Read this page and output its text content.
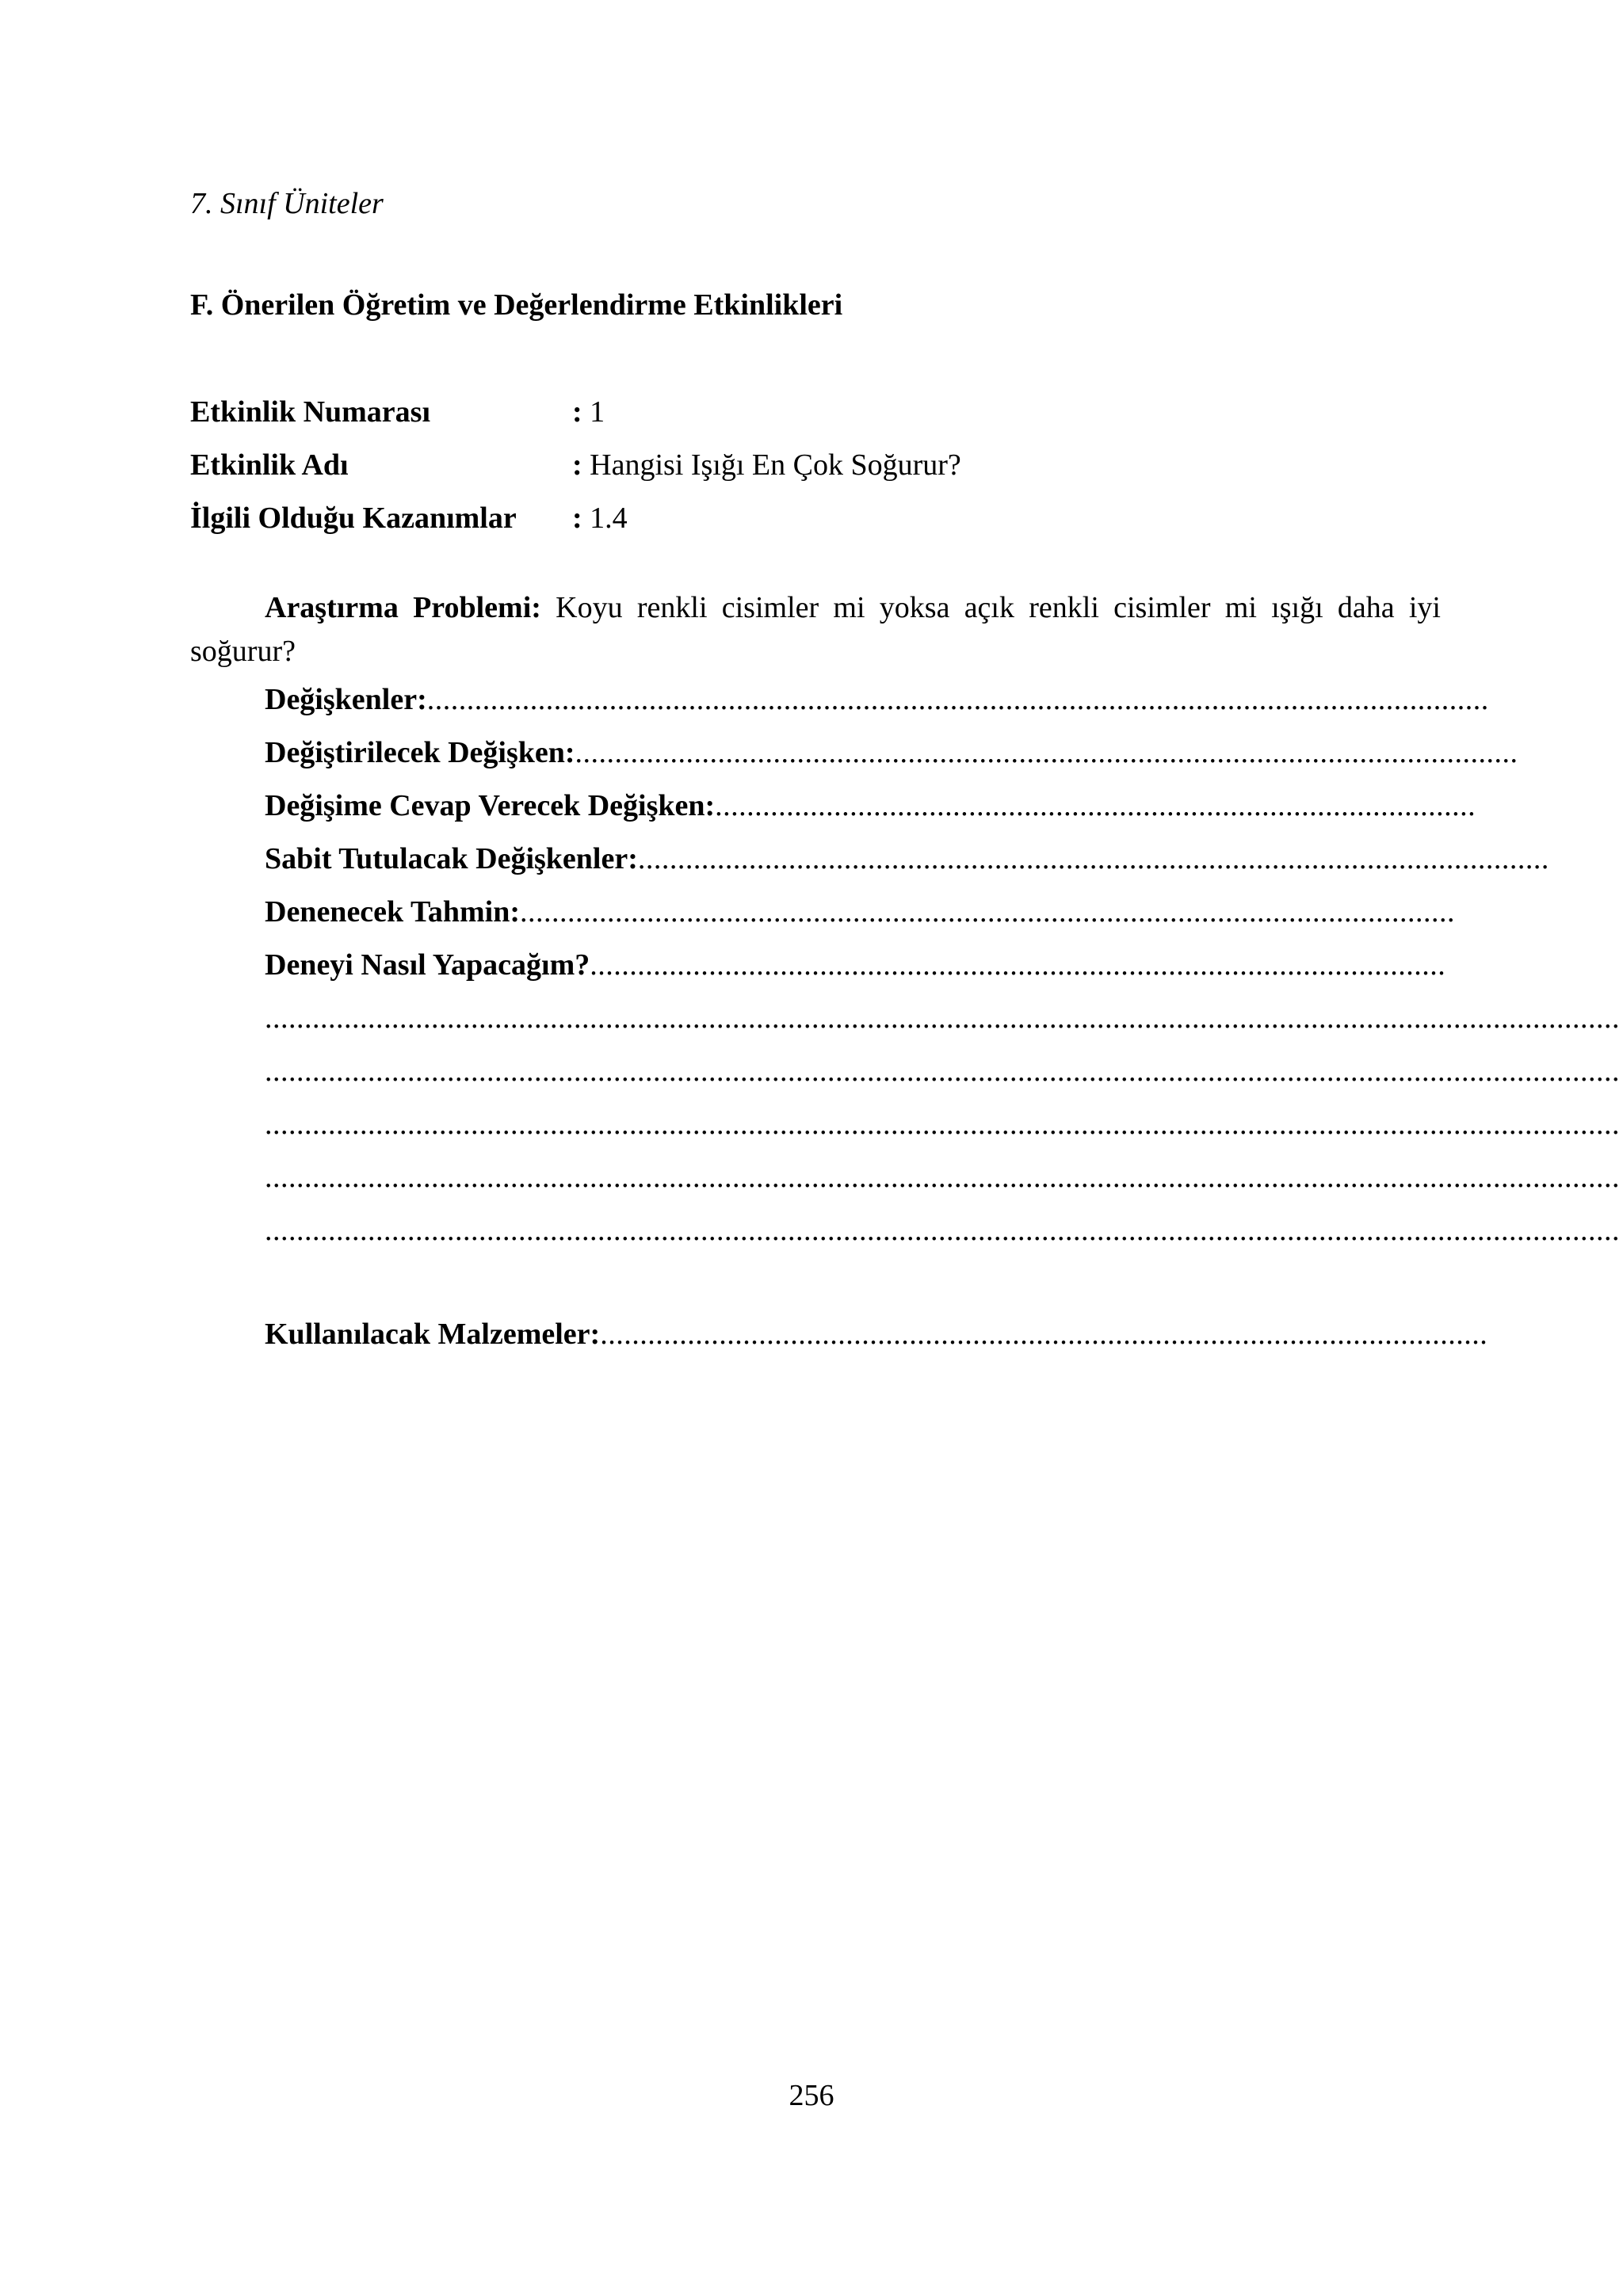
7. Sınıf Üniteler
F. Önerilen Öğretim ve Değerlendirme Etkinlikleri
Etkinlik Numarası	: 1
Etkinlik Adı	: Hangisi Işığı En Çok Soğurur?
İlgili Olduğu Kazanımlar : 1.4
Araştırma Problemi: Koyu renkli cisimler mi yoksa açık renkli cisimler mi ışığı daha iyi soğurur?
Değişkenler:......................................................................................................................................
Değiştirilecek Değişken:.......................................................................................................................
Değişime Cevap Verecek Değişken:................................................................................................
Sabit Tutulacak Değişkenler:...................................................................................................................
Denenecek Tahmin:......................................................................................................................
Deneyi Nasıl Yapacağım?............................................................................................................
...........................................................................................................................................................................
...........................................................................................................................................................................
...........................................................................................................................................................................
...........................................................................................................................................................................
...........................................................................................................................................................................
Kullanılacak Malzemeler:................................................................................................................
256
